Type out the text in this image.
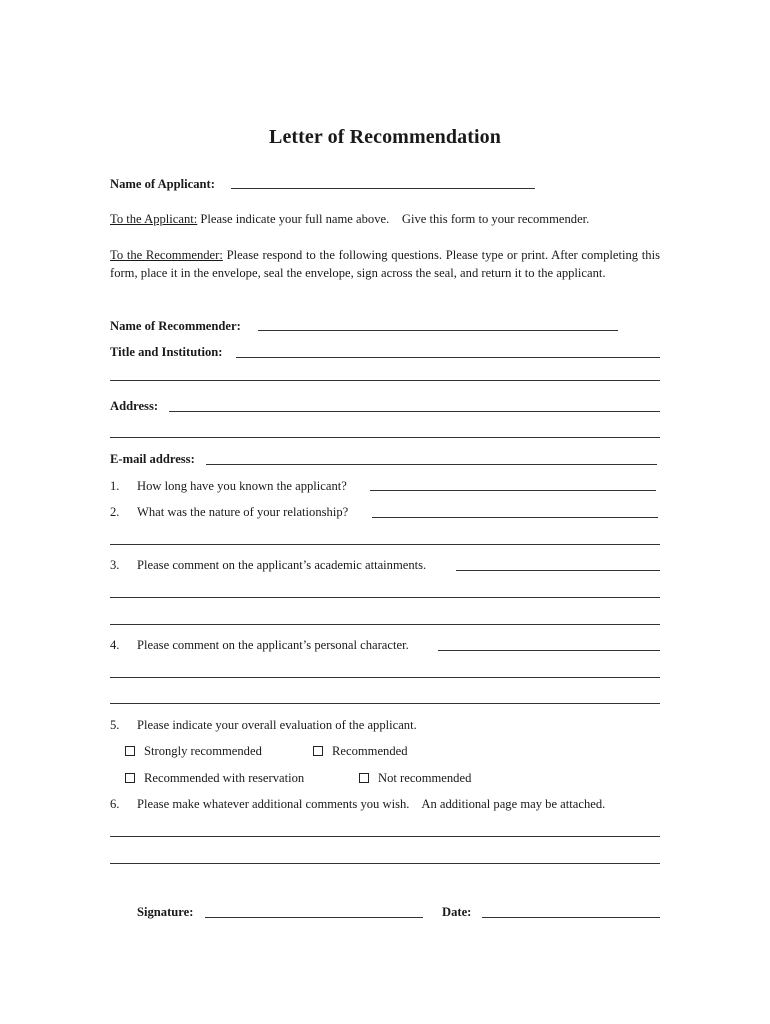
Letter of Recommendation
Name of Applicant:
To the Applicant: Please indicate your full name above.    Give this form to your recommender.
To the Recommender: Please respond to the following questions. Please type or print. After completing this form, place it in the envelope, seal the envelope, sign across the seal, and return it to the applicant.
Name of Recommender:
Title and Institution:
Address:
E-mail address:
1. How long have you known the applicant?
2. What was the nature of your relationship?
3. Please comment on the applicant’s academic attainments.
4. Please comment on the applicant’s personal character.
5. Please indicate your overall evaluation of the applicant.
Strongly recommended	Recommended
Recommended with reservation	Not recommended
6. Please make whatever additional comments you wish.    An additional page may be attached.
Signature:	Date:
